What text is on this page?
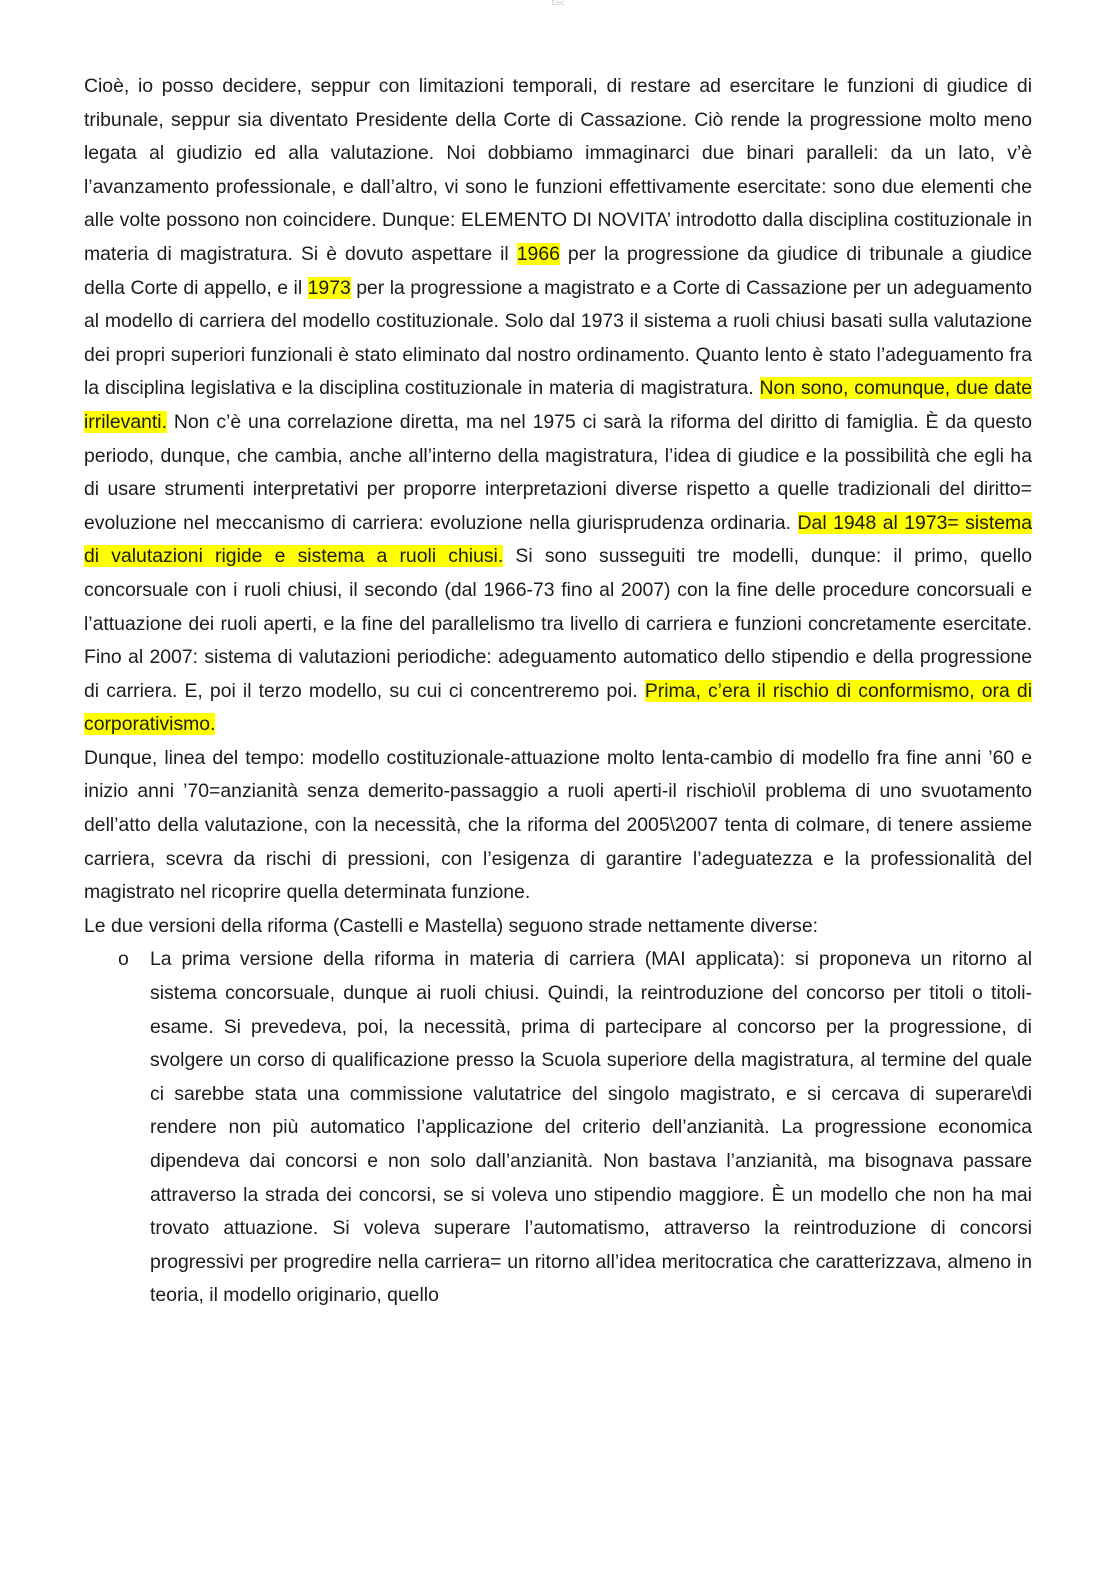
Ξ⊃⊂

Cioè, io posso decidere, seppur con limitazioni temporali, di restare ad esercitare le funzioni di giudice di tribunale, seppur sia diventato Presidente della Corte di Cassazione. Ciò rende la progressione molto meno legata al giudizio ed alla valutazione. Noi dobbiamo immaginarci due binari paralleli: da un lato, v’è l’avanzamento professionale, e dall’altro, vi sono le funzioni effettivamente esercitate: sono due elementi che alle volte possono non coincidere. Dunque: ELEMENTO DI NOVITA’ introdotto dalla disciplina costituzionale in materia di magistratura. Si è dovuto aspettare il 1966 per la progressione da giudice di tribunale a giudice della Corte di appello, e il 1973 per la progressione a magistrato e a Corte di Cassazione per un adeguamento al modello di carriera del modello costituzionale. Solo dal 1973 il sistema a ruoli chiusi basati sulla valutazione dei propri superiori funzionali è stato eliminato dal nostro ordinamento. Quanto lento è stato l’adeguamento fra la disciplina legislativa e la disciplina costituzionale in materia di magistratura. Non sono, comunque, due date irrilevanti. Non c’è una correlazione diretta, ma nel 1975 ci sarà la riforma del diritto di famiglia. È da questo periodo, dunque, che cambia, anche all’interno della magistratura, l’idea di giudice e la possibilità che egli ha di usare strumenti interpretativi per proporre interpretazioni diverse rispetto a quelle tradizionali del diritto= evoluzione nel meccanismo di carriera: evoluzione nella giurisprudenza ordinaria. Dal 1948 al 1973= sistema di valutazioni rigide e sistema a ruoli chiusi. Si sono susseguiti tre modelli, dunque: il primo, quello concorsuale con i ruoli chiusi, il secondo (dal 1966-73 fino al 2007) con la fine delle procedure concorsuali e l’attuazione dei ruoli aperti, e la fine del parallelismo tra livello di carriera e funzioni concretamente esercitate. Fino al 2007: sistema di valutazioni periodiche: adeguamento automatico dello stipendio e della progressione di carriera. E, poi il terzo modello, su cui ci concentreremo poi. Prima, c’era il rischio di conformismo, ora di corporativismo.

Dunque, linea del tempo: modello costituzionale-attuazione molto lenta-cambio di modello fra fine anni ’60 e inizio anni ’70=anzianità senza demerito-passaggio a ruoli aperti-il rischio\il problema di uno svuotamento dell’atto della valutazione, con la necessità, che la riforma del 2005\2007 tenta di colmare, di tenere assieme carriera, scevra da rischi di pressioni, con l’esigenza di garantire l’adeguatezza e la professionalità del magistrato nel ricoprire quella determinata funzione.

Le due versioni della riforma (Castelli e Mastella) seguono strade nettamente diverse:

o La prima versione della riforma in materia di carriera (MAI applicata): si proponeva un ritorno al sistema concorsuale, dunque ai ruoli chiusi. Quindi, la reintroduzione del concorso per titoli o titoli-esame. Si prevedeva, poi, la necessità, prima di partecipare al concorso per la progressione, di svolgere un corso di qualificazione presso la Scuola superiore della magistratura, al termine del quale ci sarebbe stata una commissione valutatrice del singolo magistrato, e si cercava di superare\di rendere non più automatico l’applicazione del criterio dell’anzianità. La progressione economica dipendeva dai concorsi e non solo dall’anzianità. Non bastava l’anzianità, ma bisognava passare attraverso la strada dei concorsi, se si voleva uno stipendio maggiore. È un modello che non ha mai trovato attuazione. Si voleva superare l’automatismo, attraverso la reintroduzione di concorsi progressivi per progredire nella carriera= un ritorno all’idea meritocratica che caratterizzava, almeno in teoria, il modello originario, quello
